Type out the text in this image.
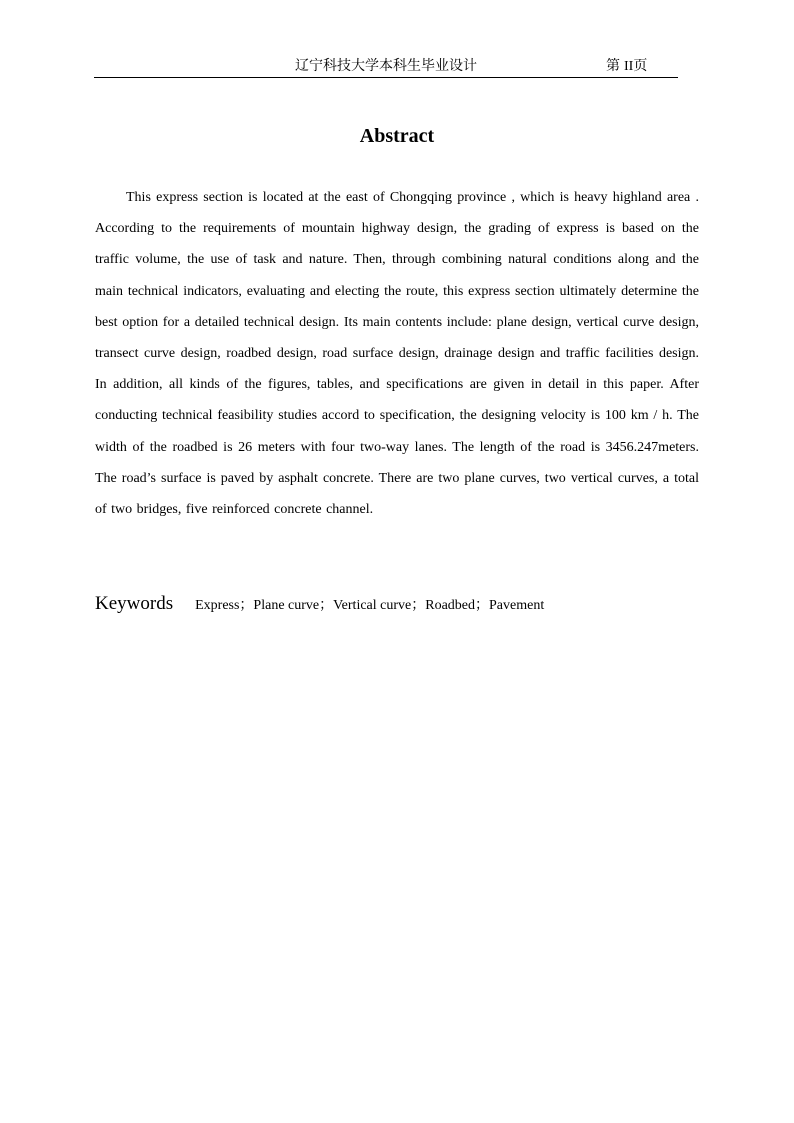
辽宁科技大学本科生毕业设计	第 II页
Abstract

This express section is located at the east of Chongqing province , which is heavy highland area . According to the requirements of mountain highway design, the grading of express is based on the traffic volume, the use of task and nature. Then, through combining natural conditions along and the main technical indicators, evaluating and electing the route, this express section ultimately determine the best option for a detailed technical design. Its main contents include: plane design, vertical curve design, transect curve design, roadbed design, road surface design, drainage design and traffic facilities design. In addition, all kinds of the figures, tables, and specifications are given in detail in this paper. After conducting technical feasibility studies accord to specification, the designing velocity is 100 km / h. The width of the roadbed is 26 meters with four two-way lanes. The length of the road is 3456.247meters. The road’s surface is paved by asphalt concrete. There are two plane curves, two vertical curves, a total of two bridges, five reinforced concrete channel.

Keywords Express；Plane curve；Vertical curve；Roadbed；Pavement
